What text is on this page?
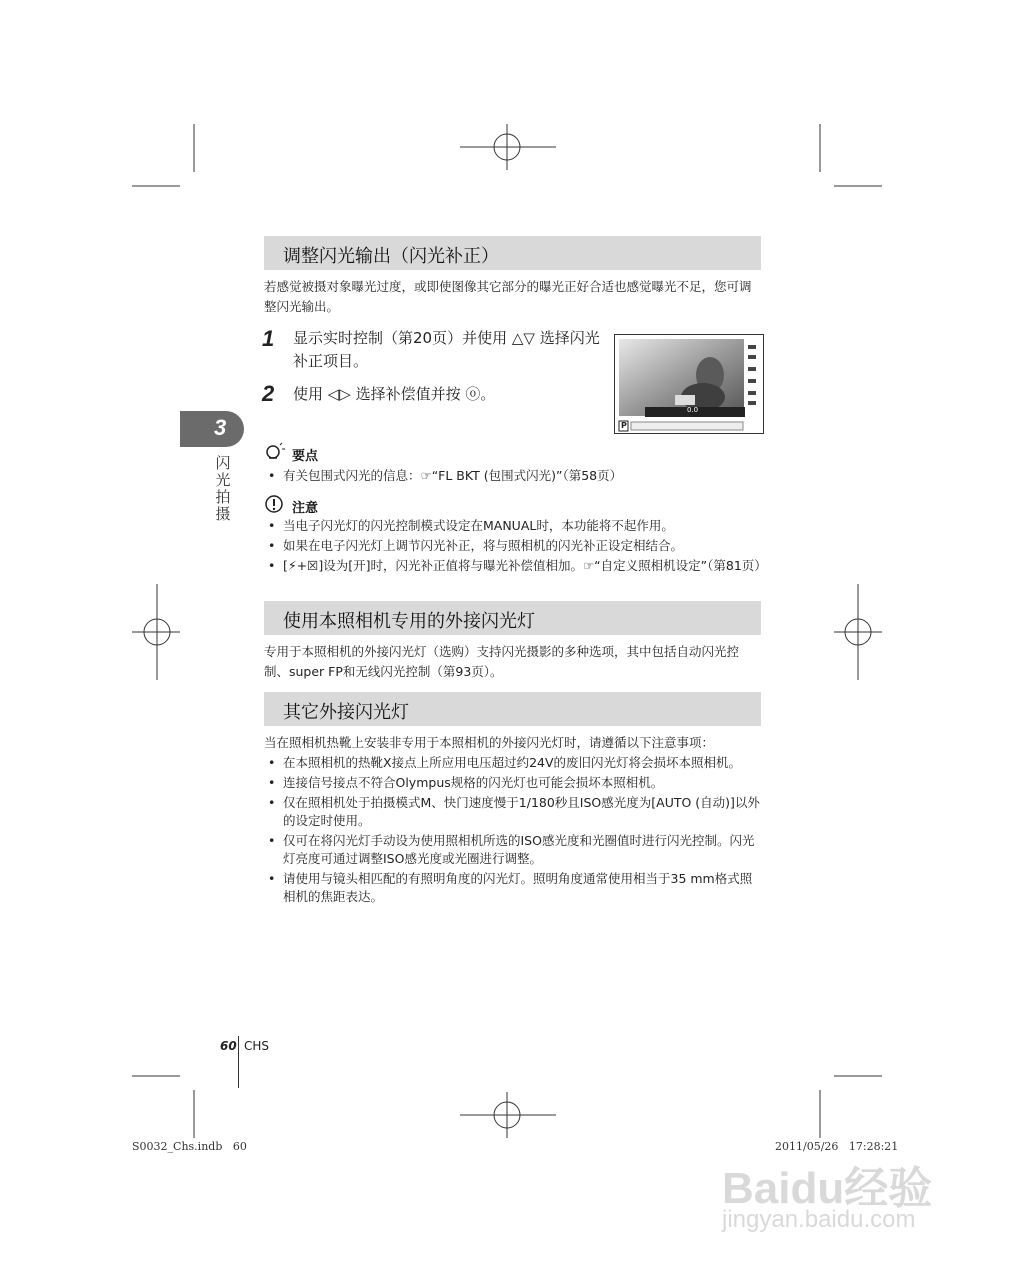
调整闪光输出（闪光补正）
若感觉被摄对象曝光过度，或即使图像其它部分的曝光正好合适也感觉曝光不足，您可调整闪光输出。
1 显示实时控制（第20页）并使用 △▽ 选择闪光补正项目。
2 使用 ◁▷ 选择补偿值并按 ⓞ。
0.0
P
要点
• 有关包围式闪光的信息：☞“FL BKT (包围式闪光)”（第58页）
注意
• 当电子闪光灯的闪光控制模式设定在MANUAL时，本功能将不起作用。
• 如果在电子闪光灯上调节闪光补正，将与照相机的闪光补正设定相结合。
• [⚡+☒]设为[开]时，闪光补正值将与曝光补偿值相加。☞“自定义照相机设定”（第81页）
使用本照相机专用的外接闪光灯
专用于本照相机的外接闪光灯（选购）支持闪光摄影的多种选项，其中包括自动闪光控制、super FP和无线闪光控制（第93页）。
其它外接闪光灯
当在照相机热靴上安装非专用于本照相机的外接闪光灯时，请遵循以下注意事项：
• 在本照相机的热靴X接点上所应用电压超过约24V的废旧闪光灯将会损坏本照相机。
• 连接信号接点不符合Olympus规格的闪光灯也可能会损坏本照相机。
• 仅在照相机处于拍摄模式M、快门速度慢于1/180秒且ISO感光度为[AUTO (自动)]以外的设定时使用。
• 仅可在将闪光灯手动设为使用照相机所选的ISO感光度和光圈值时进行闪光控制。闪光灯亮度可通过调整ISO感光度或光圈进行调整。
• 请使用与镜头相匹配的有照明角度的闪光灯。照明角度通常使用相当于35 mm格式照相机的焦距表达。
3
闪光拍摄
60 CHS
S0032_Chs.indb   60	2011/05/26   17:28:21
Baidu经验
jingyan.baidu.com
